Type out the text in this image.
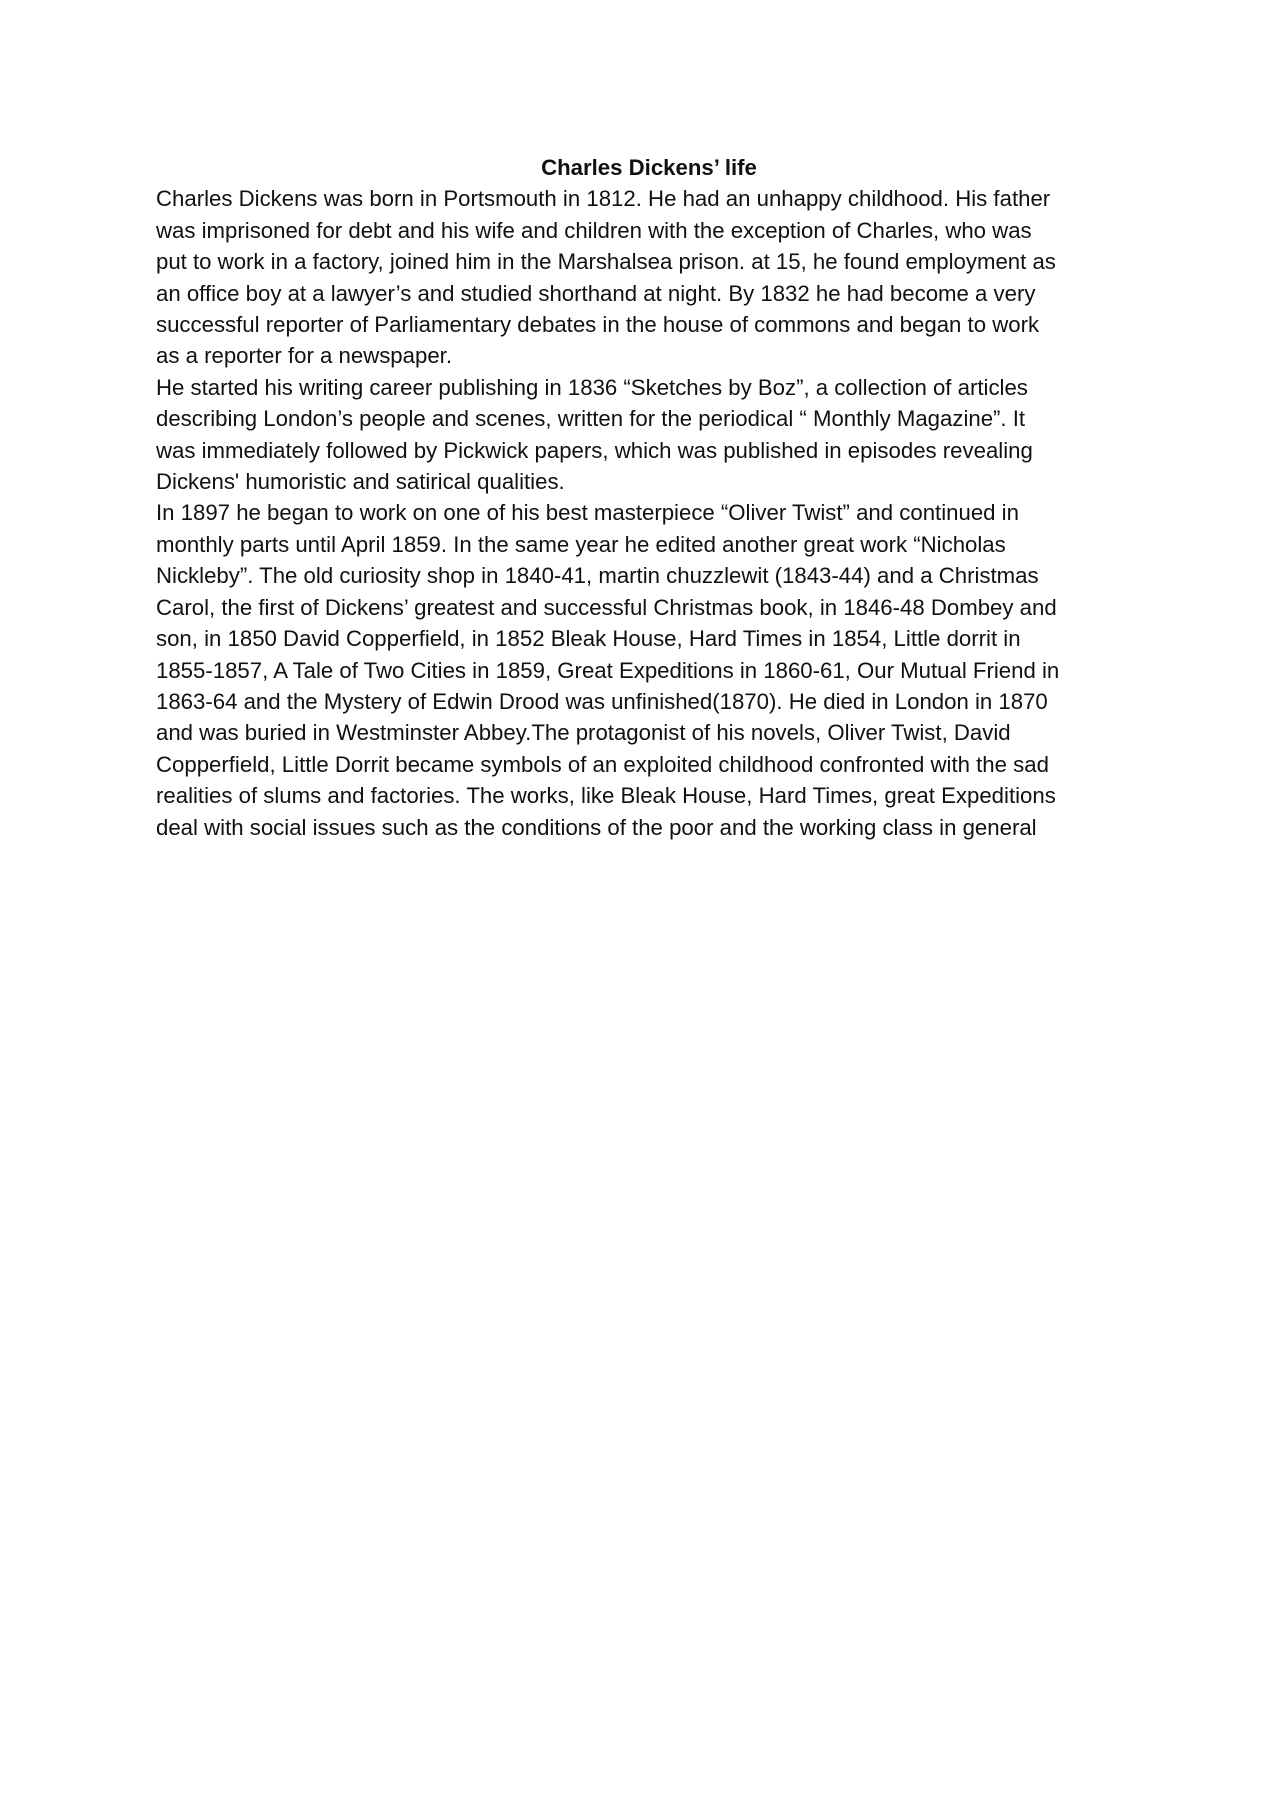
Charles Dickens’ life

Charles Dickens was born in Portsmouth in 1812. He had an unhappy childhood. His father
was imprisoned for debt and his wife and children with the exception of Charles, who was
put to work in a factory, joined him in the Marshalsea prison. at 15, he found employment as
an office boy at a lawyer’s and studied shorthand at night. By 1832 he had become a very
successful reporter of Parliamentary debates in the house of commons and began to work
as a reporter for a newspaper.

He started his writing career publishing in 1836 “Sketches by Boz”, a collection of articles
describing London’s people and scenes, written for the periodical “ Monthly Magazine”. It
was immediately followed by Pickwick papers, which was published in episodes revealing
Dickens' humoristic and satirical qualities.

In 1897 he began to work on one of his best masterpiece “Oliver Twist” and continued in
monthly parts until April 1859. In the same year he edited another great work “Nicholas
Nickleby”. The old curiosity shop in 1840-41, martin chuzzlewit (1843-44) and a Christmas
Carol, the first of Dickens’ greatest and successful Christmas book, in 1846-48 Dombey and
son, in 1850 David Copperfield, in 1852 Bleak House, Hard Times in 1854, Little dorrit in
1855-1857, A Tale of Two Cities in 1859, Great Expeditions in 1860-61, Our Mutual Friend in
1863-64 and the Mystery of Edwin Drood was unfinished(1870). He died in London in 1870
and was buried in Westminster Abbey.The protagonist of his novels, Oliver Twist, David
Copperfield, Little Dorrit became symbols of an exploited childhood confronted with the sad
realities of slums and factories. The works, like Bleak House, Hard Times, great Expeditions
deal with social issues such as the conditions of the poor and the working class in general
